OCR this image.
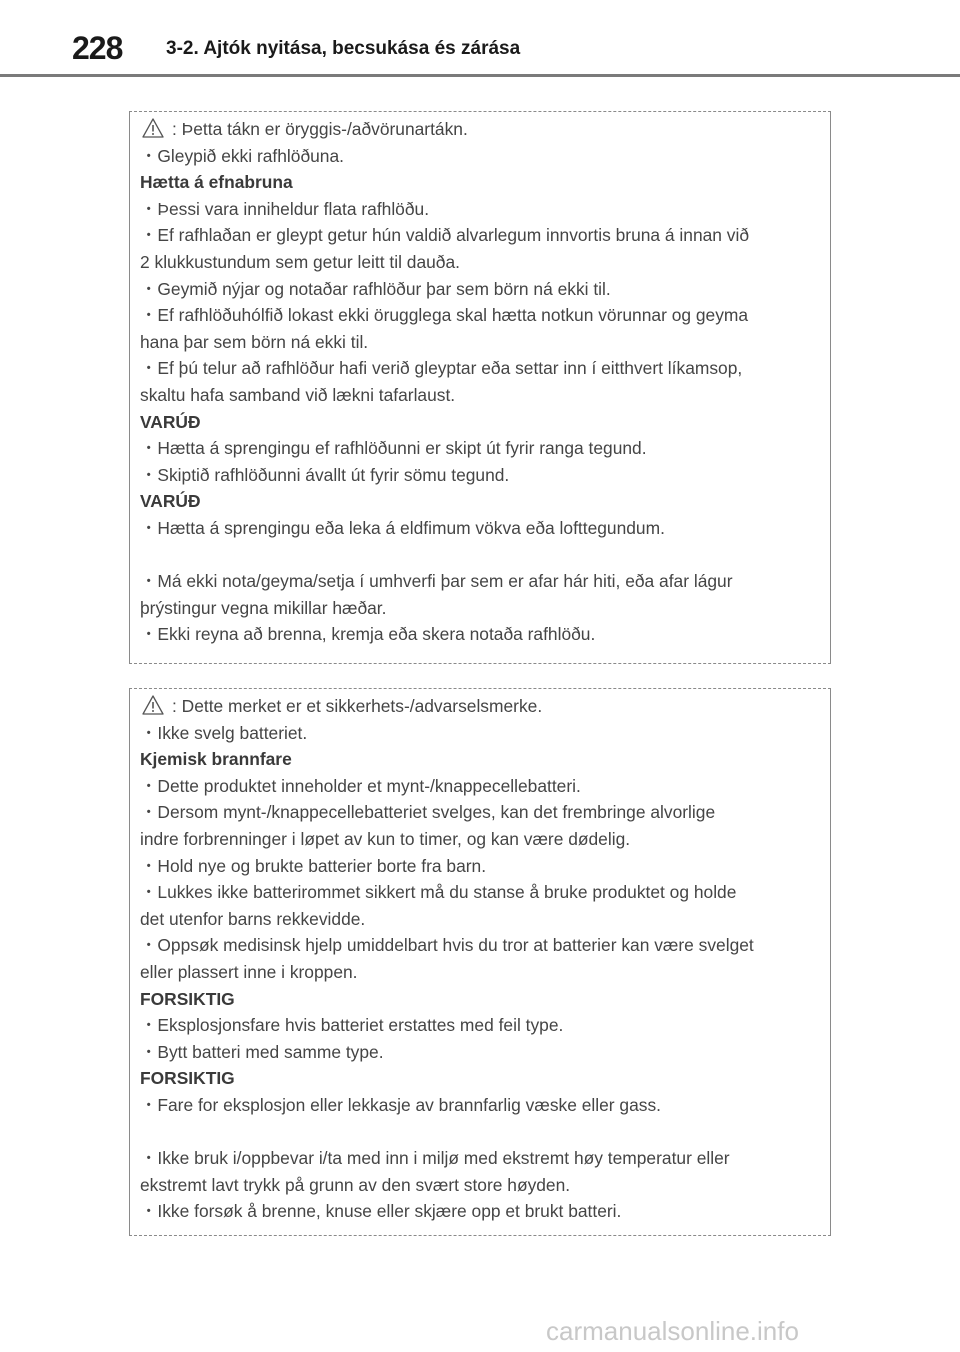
228 3-2. Ajtók nyitása, becsukása és zárása
: Þetta tákn er öryggis-/aðvörunartákn.
・Gleypið ekki rafhlöðuna.
Hætta á efnabruna
・Þessi vara inniheldur flata rafhlöðu.
・Ef rafhlaðan er gleypt getur hún valdið alvarlegum innvortis bruna á innan við
2 klukkustundum sem getur leitt til dauða.
・Geymið nýjar og notaðar rafhlöður þar sem börn ná ekki til.
・Ef rafhlöðuhólfið lokast ekki örugglega skal hætta notkun vörunnar og geyma
hana þar sem börn ná ekki til.
・Ef þú telur að rafhlöður hafi verið gleyptar eða settar inn í eitthvert líkamsop,
skaltu hafa samband við lækni tafarlaust.
VARÚÐ
・Hætta á sprengingu ef rafhlöðunni er skipt út fyrir ranga tegund.
・Skiptið rafhlöðunni ávallt út fyrir sömu tegund.
VARÚÐ
・Hætta á sprengingu eða leka á eldfimum vökva eða lofttegundum.
・Má ekki nota/geyma/setja í umhverfi þar sem er afar hár hiti, eða afar lágur
þrýstingur vegna mikillar hæðar.
・Ekki reyna að brenna, kremja eða skera notaða rafhlöðu.
: Dette merket er et sikkerhets-/advarselsmerke.
・Ikke svelg batteriet.
Kjemisk brannfare
・Dette produktet inneholder et mynt-/knappecellebatteri.
・Dersom mynt-/knappecellebatteriet svelges, kan det frembringe alvorlige
indre forbrenninger i løpet av kun to timer, og kan være dødelig.
・Hold nye og brukte batterier borte fra barn.
・Lukkes ikke batterirommet sikkert må du stanse å bruke produktet og holde
det utenfor barns rekkevidde.
・Oppsøk medisinsk hjelp umiddelbart hvis du tror at batterier kan være svelget
eller plassert inne i kroppen.
FORSIKTIG
・Eksplosjonsfare hvis batteriet erstattes med feil type.
・Bytt batteri med samme type.
FORSIKTIG
・Fare for eksplosjon eller lekkasje av brannfarlig væske eller gass.
・Ikke bruk i/oppbevar i/ta med inn i miljø med ekstremt høy temperatur eller
ekstremt lavt trykk på grunn av den svært store høyden.
・Ikke forsøk å brenne, knuse eller skjære opp et brukt batteri.
carmanualsonline.info
